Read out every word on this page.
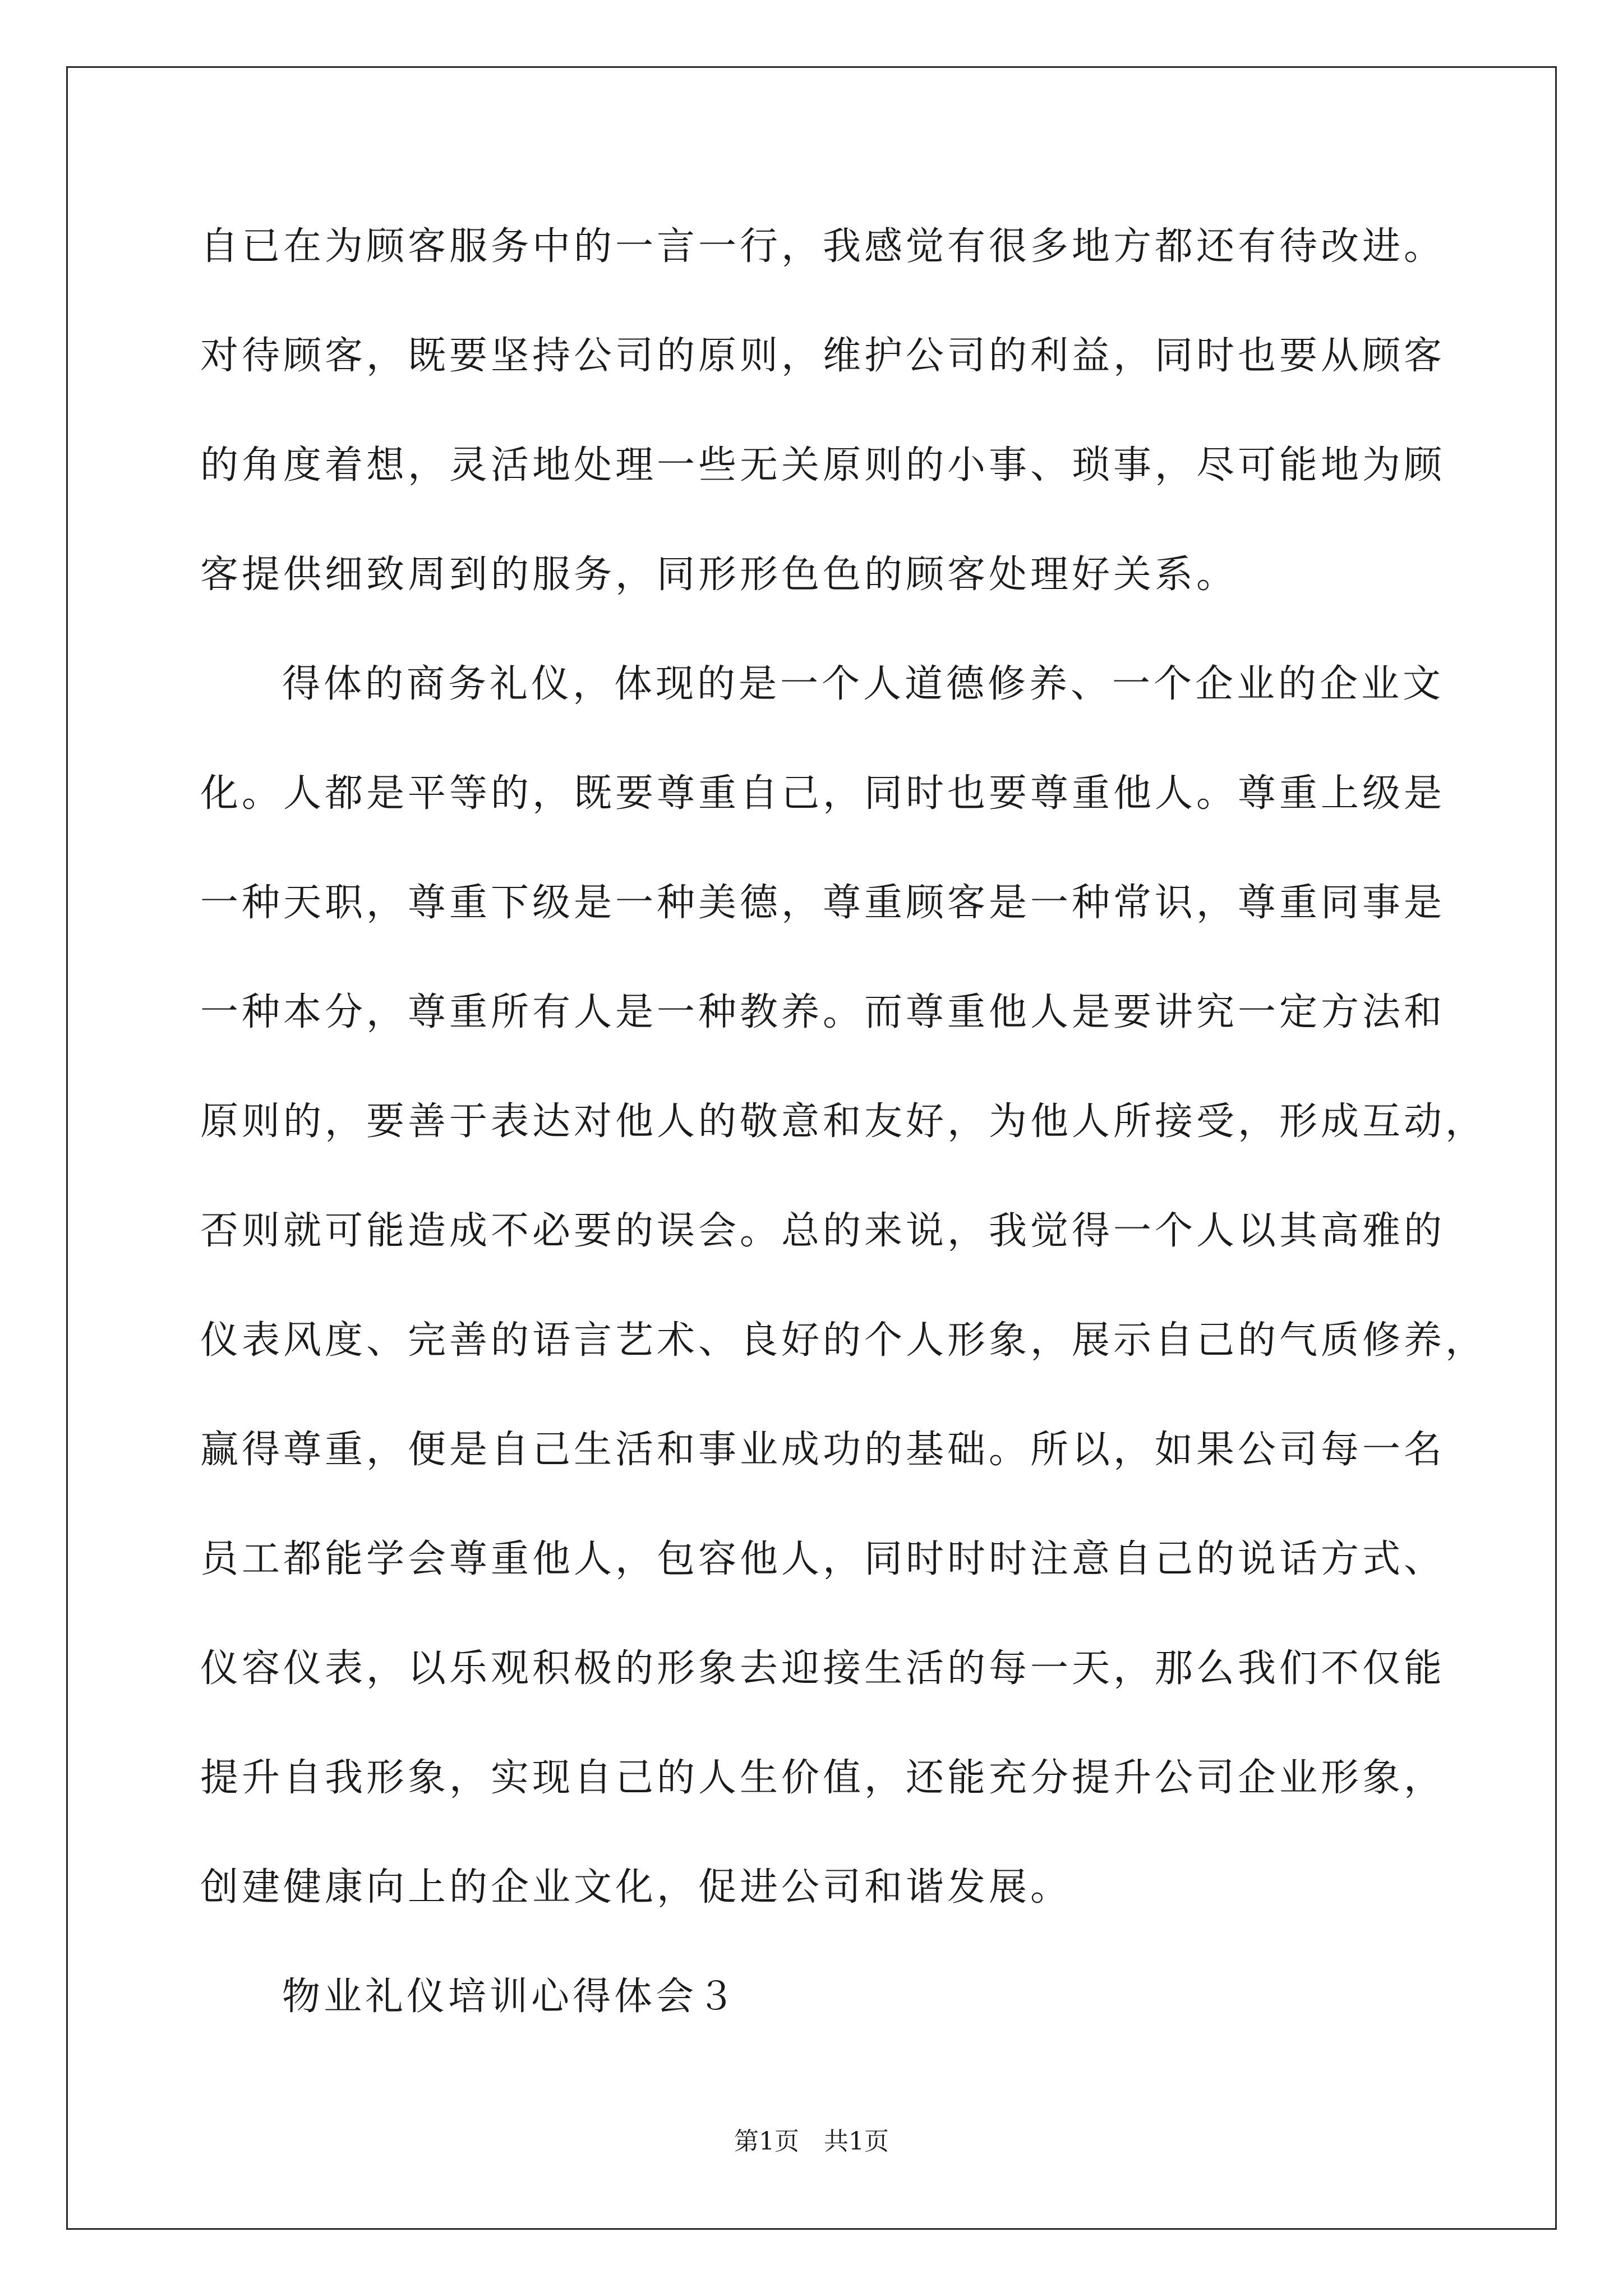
自已在为顾客服务中的一言一行，我感觉有很多地方都还有待改进。
对待顾客，既要坚持公司的原则，维护公司的利益，同时也要从顾客
的角度着想，灵活地处理一些无关原则的小事、琐事，尽可能地为顾
客提供细致周到的服务，同形形色色的顾客处理好关系。
得体的商务礼仪，体现的是一个人道德修养、一个企业的企业文
化。人都是平等的，既要尊重自己，同时也要尊重他人。尊重上级是
一种天职，尊重下级是一种美德，尊重顾客是一种常识，尊重同事是
一种本分，尊重所有人是一种教养。而尊重他人是要讲究一定方法和
原则的，要善于表达对他人的敬意和友好，为他人所接受，形成互动，
否则就可能造成不必要的误会。总的来说，我觉得一个人以其高雅的
仪表风度、完善的语言艺术、良好的个人形象，展示自己的气质修养，
赢得尊重，便是自己生活和事业成功的基础。所以，如果公司每一名
员工都能学会尊重他人，包容他人，同时时时注意自己的说话方式、
仪容仪表，以乐观积极的形象去迎接生活的每一天，那么我们不仅能
提升自我形象，实现自己的人生价值，还能充分提升公司企业形象，
创建健康向上的企业文化，促进公司和谐发展。
物业礼仪培训心得体会３
第1页　共1页
